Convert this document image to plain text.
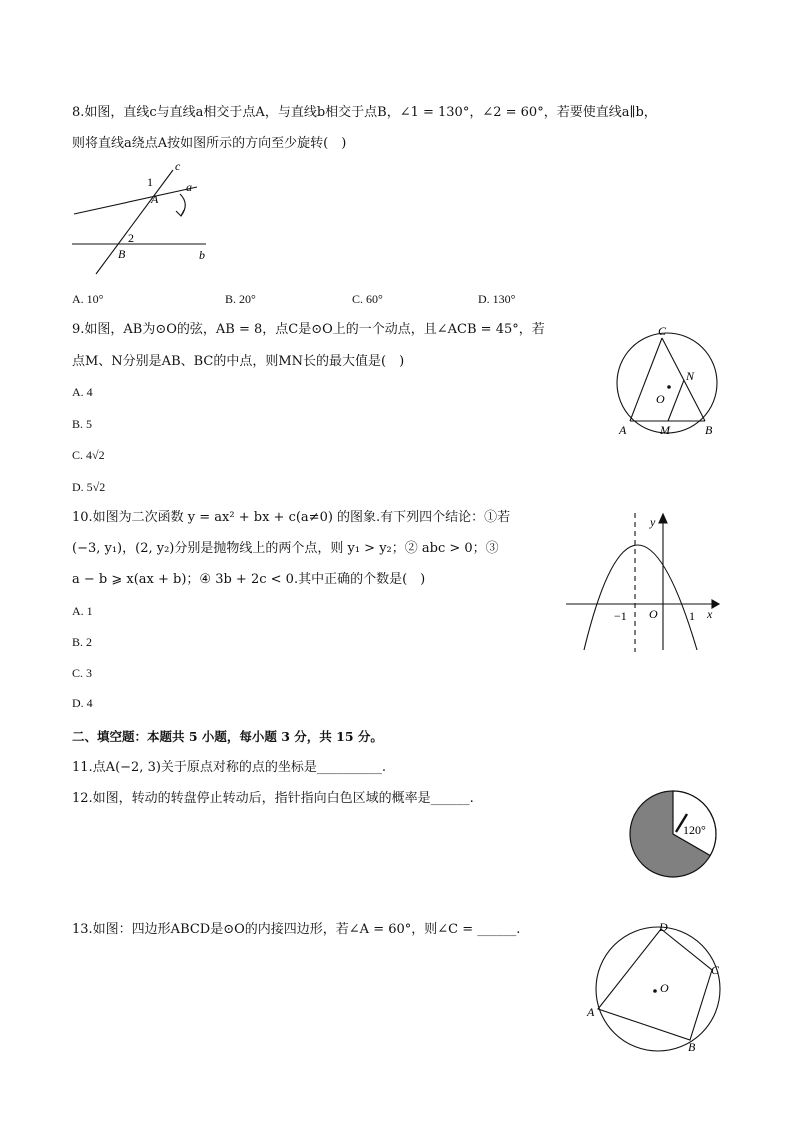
8.如图，直线c与直线a相交于点A，与直线b相交于点B，∠1 = 130°，∠2 = 60°，若要使直线a∥b，
则将直线a绕点A按如图所示的方向至少旋转(　)
c
a
1
A
2
B	b
A. 10°	B. 20°	C. 60°	D. 130°
9.如图，AB为⊙O的弦，AB = 8，点C是⊙O上的一个动点，且∠ACB = 45°，若
点M、N分别是AB、BC的中点，则MN长的最大值是(　)
C
N
O
A	M	B
A. 4
B. 5
C. 4√2
D. 5√2
10.如图为二次函数 y = ax² + bx + c(a≠0) 的图象.有下列四个结论：①若
(−3, y₁)，(2, y₂)分别是抛物线上的两个点，则 y₁ > y₂；② abc > 0；③
a − b ⩾ x(ax + b)；④ 3b + 2c < 0.其中正确的个数是(　)
y
x
−1 O	1
A. 1
B. 2
C. 3
D. 4
二、填空题：本题共 5 小题，每小题 3 分，共 15 分。
11.点A(−2, 3)关于原点对称的点的坐标是__________.
12.如图，转动的转盘停止转动后，指针指向白色区域的概率是______.
120°
13.如图：四边形ABCD是⊙O的内接四边形，若∠A = 60°，则∠C = ______.	D
C
O
A
B
